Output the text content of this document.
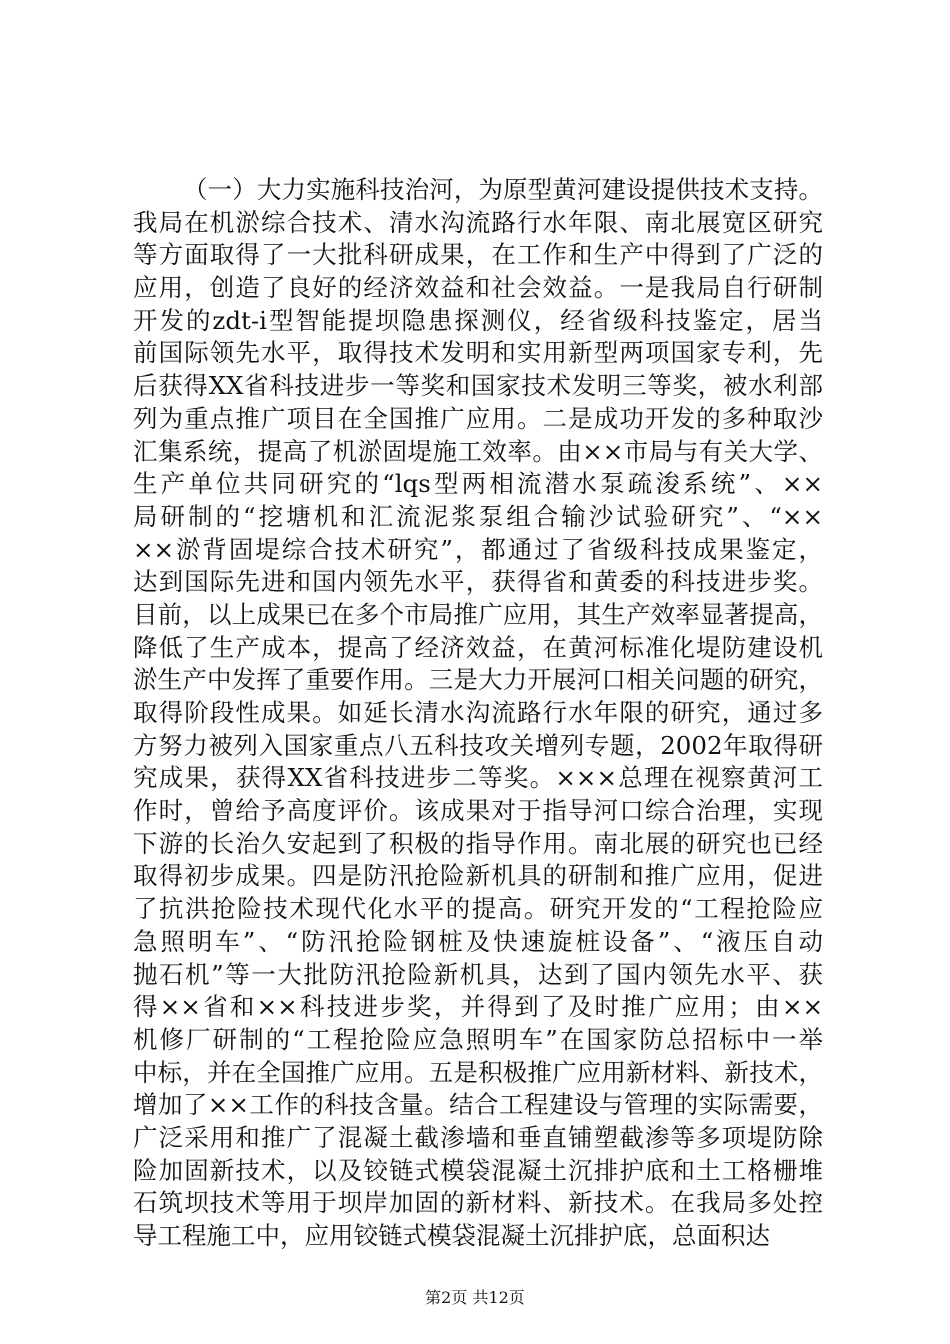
（一）大力实施科技治河，为原型黄河建设提供技术支持。
我局在机淤综合技术、清水沟流路行水年限、南北展宽区研究
等方面取得了一大批科研成果，在工作和生产中得到了广泛的
应用，创造了良好的经济效益和社会效益。一是我局自行研制
开发的zdt-i型智能提坝隐患探测仪，经省级科技鉴定，居当
前国际领先水平，取得技术发明和实用新型两项国家专利，先
后获得XX省科技进步一等奖和国家技术发明三等奖，被水利部
列为重点推广项目在全国推广应用。二是成功开发的多种取沙
汇集系统，提高了机淤固堤施工效率。由××市局与有关大学、
生产单位共同研究的“lqs型两相流潜水泵疏浚系统”、××
局研制的“挖塘机和汇流泥浆泵组合输沙试验研究”、“××
××淤背固堤综合技术研究”，都通过了省级科技成果鉴定，
达到国际先进和国内领先水平，获得省和黄委的科技进步奖。
目前，以上成果已在多个市局推广应用，其生产效率显著提高，
降低了生产成本，提高了经济效益，在黄河标准化堤防建设机
淤生产中发挥了重要作用。三是大力开展河口相关问题的研究，
取得阶段性成果。如延长清水沟流路行水年限的研究，通过多
方努力被列入国家重点八五科技攻关增列专题，2002年取得研
究成果，获得XX省科技进步二等奖。×××总理在视察黄河工
作时，曾给予高度评价。该成果对于指导河口综合治理，实现
下游的长治久安起到了积极的指导作用。南北展的研究也已经
取得初步成果。四是防汛抢险新机具的研制和推广应用，促进
了抗洪抢险技术现代化水平的提高。研究开发的“工程抢险应
急照明车”、“防汛抢险钢桩及快速旋桩设备”、“液压自动
抛石机”等一大批防汛抢险新机具，达到了国内领先水平、获
得××省和××科技进步奖，并得到了及时推广应用；由××
机修厂研制的“工程抢险应急照明车”在国家防总招标中一举
中标，并在全国推广应用。五是积极推广应用新材料、新技术，
增加了××工作的科技含量。结合工程建设与管理的实际需要，
广泛采用和推广了混凝土截渗墙和垂直铺塑截渗等多项堤防除
险加固新技术，以及铰链式模袋混凝土沉排护底和土工格栅堆
石筑坝技术等用于坝岸加固的新材料、新技术。在我局多处控
导工程施工中，应用铰链式模袋混凝土沉排护底，总面积达
第2页 共12页
